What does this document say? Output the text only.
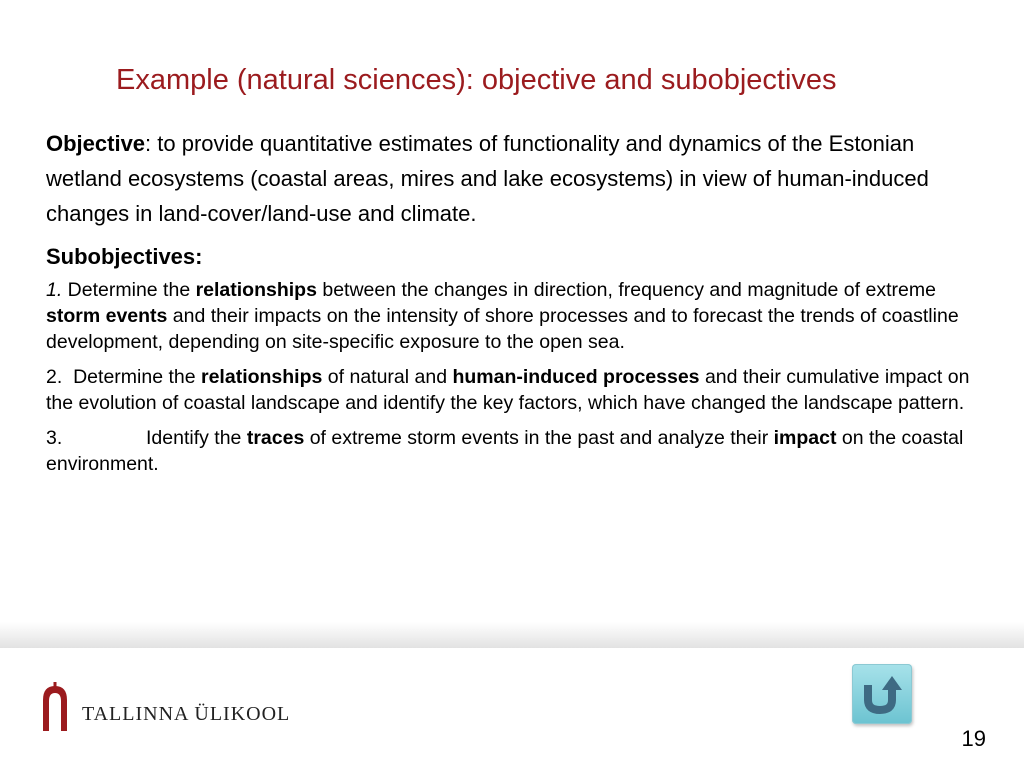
Example (natural sciences): objective and subobjectives

Objective: to provide quantitative estimates of functionality and dynamics of the Estonian wetland ecosystems (coastal areas, mires and lake ecosystems) in view of human-induced changes in land-cover/land-use and climate.

Subobjectives:

1. Determine the relationships between the changes in direction, frequency and magnitude of extreme storm events and their impacts on the intensity of shore processes and to forecast the trends of coastline development, depending on site-specific exposure to the open sea.

2.  Determine the relationships of natural and human-induced processes and their cumulative impact on the evolution of coastal landscape and identify the key factors, which have changed the landscape pattern.

3.	Identify the traces of extreme storm events in the past and analyze their impact on the coastal environment.

TALLINNA ÜLIKOOL
19
